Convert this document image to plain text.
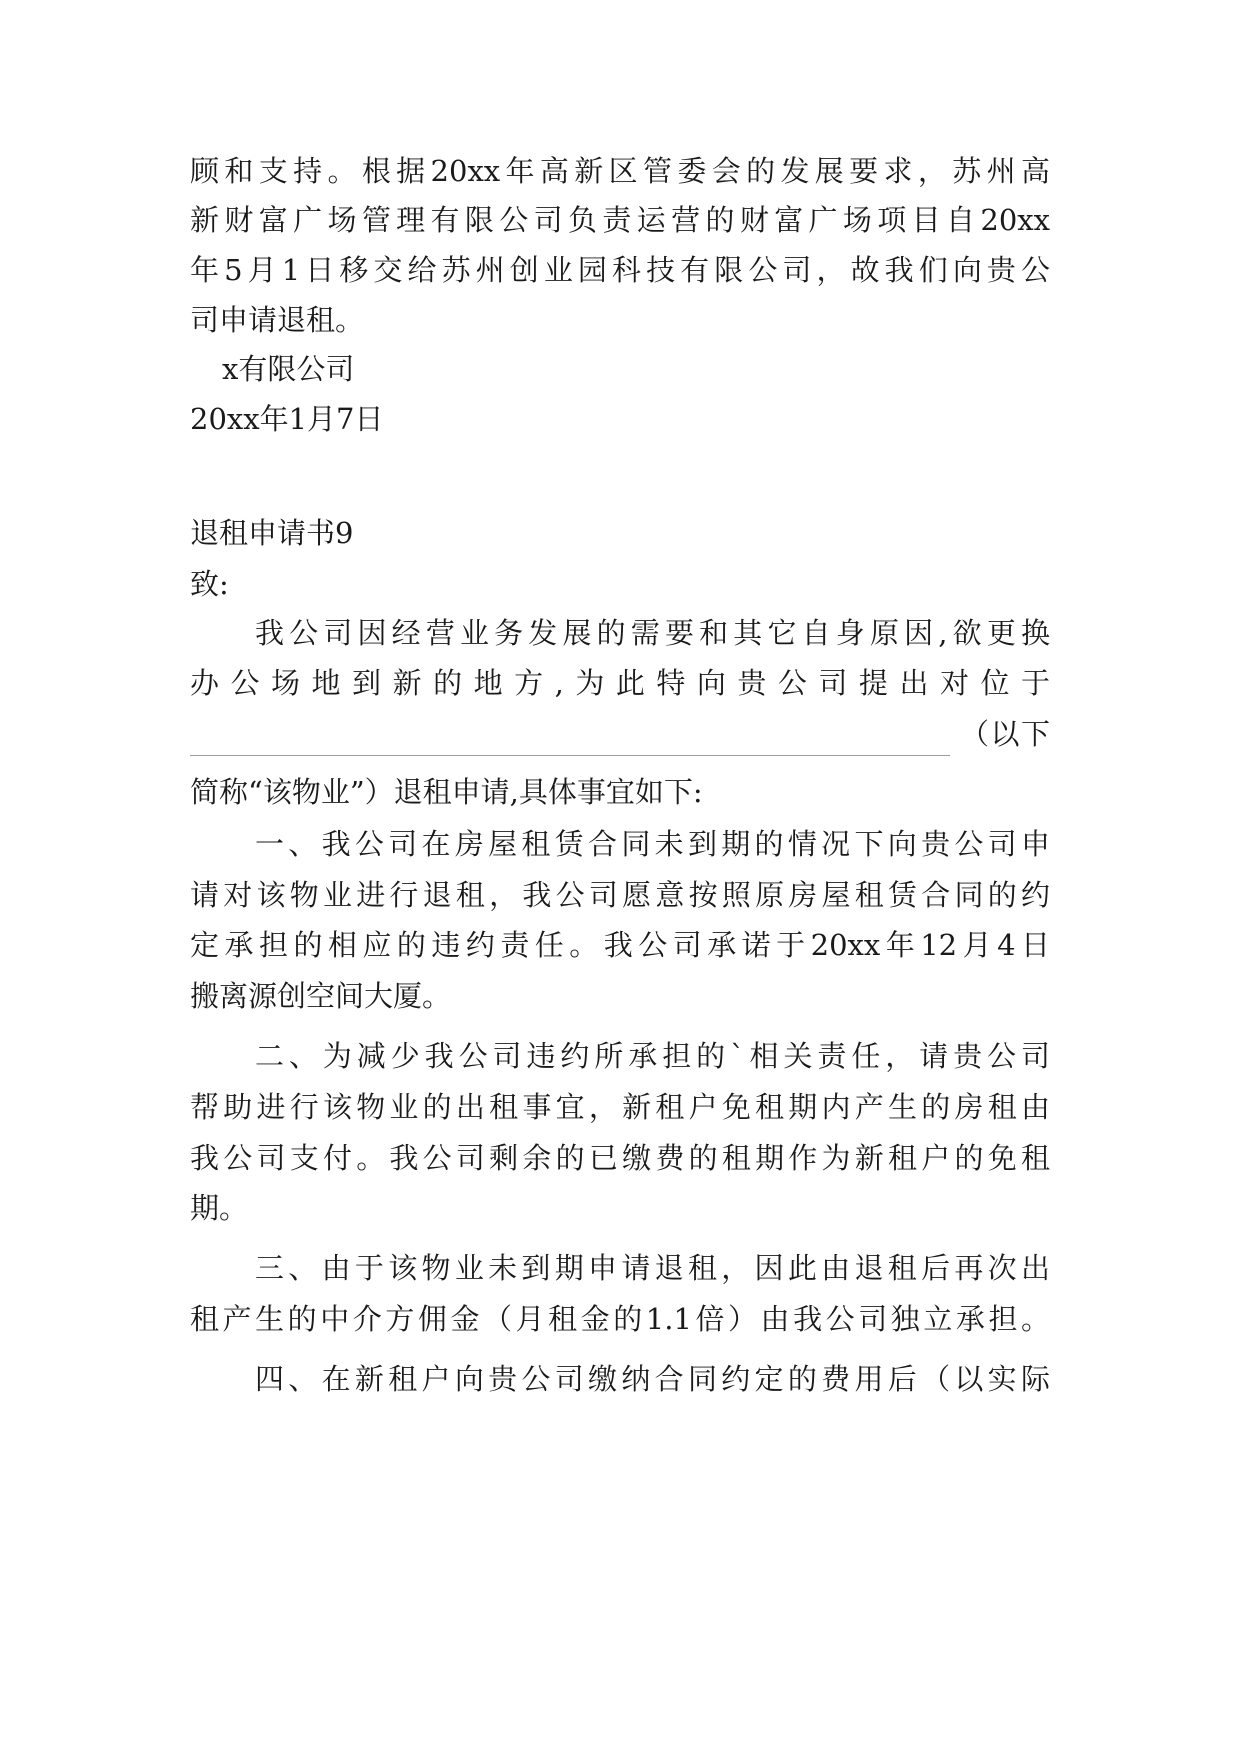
顾和支持。根据20xx年高新区管委会的发展要求，苏州高
新财富广场管理有限公司负责运营的财富广场项目自20xx
年5月1日移交给苏州创业园科技有限公司，故我们向贵公
司申请退租。
x有限公司
20xx年1月7日
退租申请书9
致:
我公司因经营业务发展的需要和其它自身原因,欲更换
办公场地到新的地方,为此特向贵公司提出对位于
（以下
简称“该物业”）退租申请,具体事宜如下:
一、我公司在房屋租赁合同未到期的情况下向贵公司申
请对该物业进行退租，我公司愿意按照原房屋租赁合同的约
定承担的相应的违约责任。我公司承诺于20xx年12月4日
搬离源创空间大厦。
二、为减少我公司违约所承担的`相关责任，请贵公司
帮助进行该物业的出租事宜，新租户免租期内产生的房租由
我公司支付。我公司剩余的已缴费的租期作为新租户的免租
期。
三、由于该物业未到期申请退租，因此由退租后再次出
租产生的中介方佣金（月租金的1.1倍）由我公司独立承担。
四、在新租户向贵公司缴纳合同约定的费用后（以实际
